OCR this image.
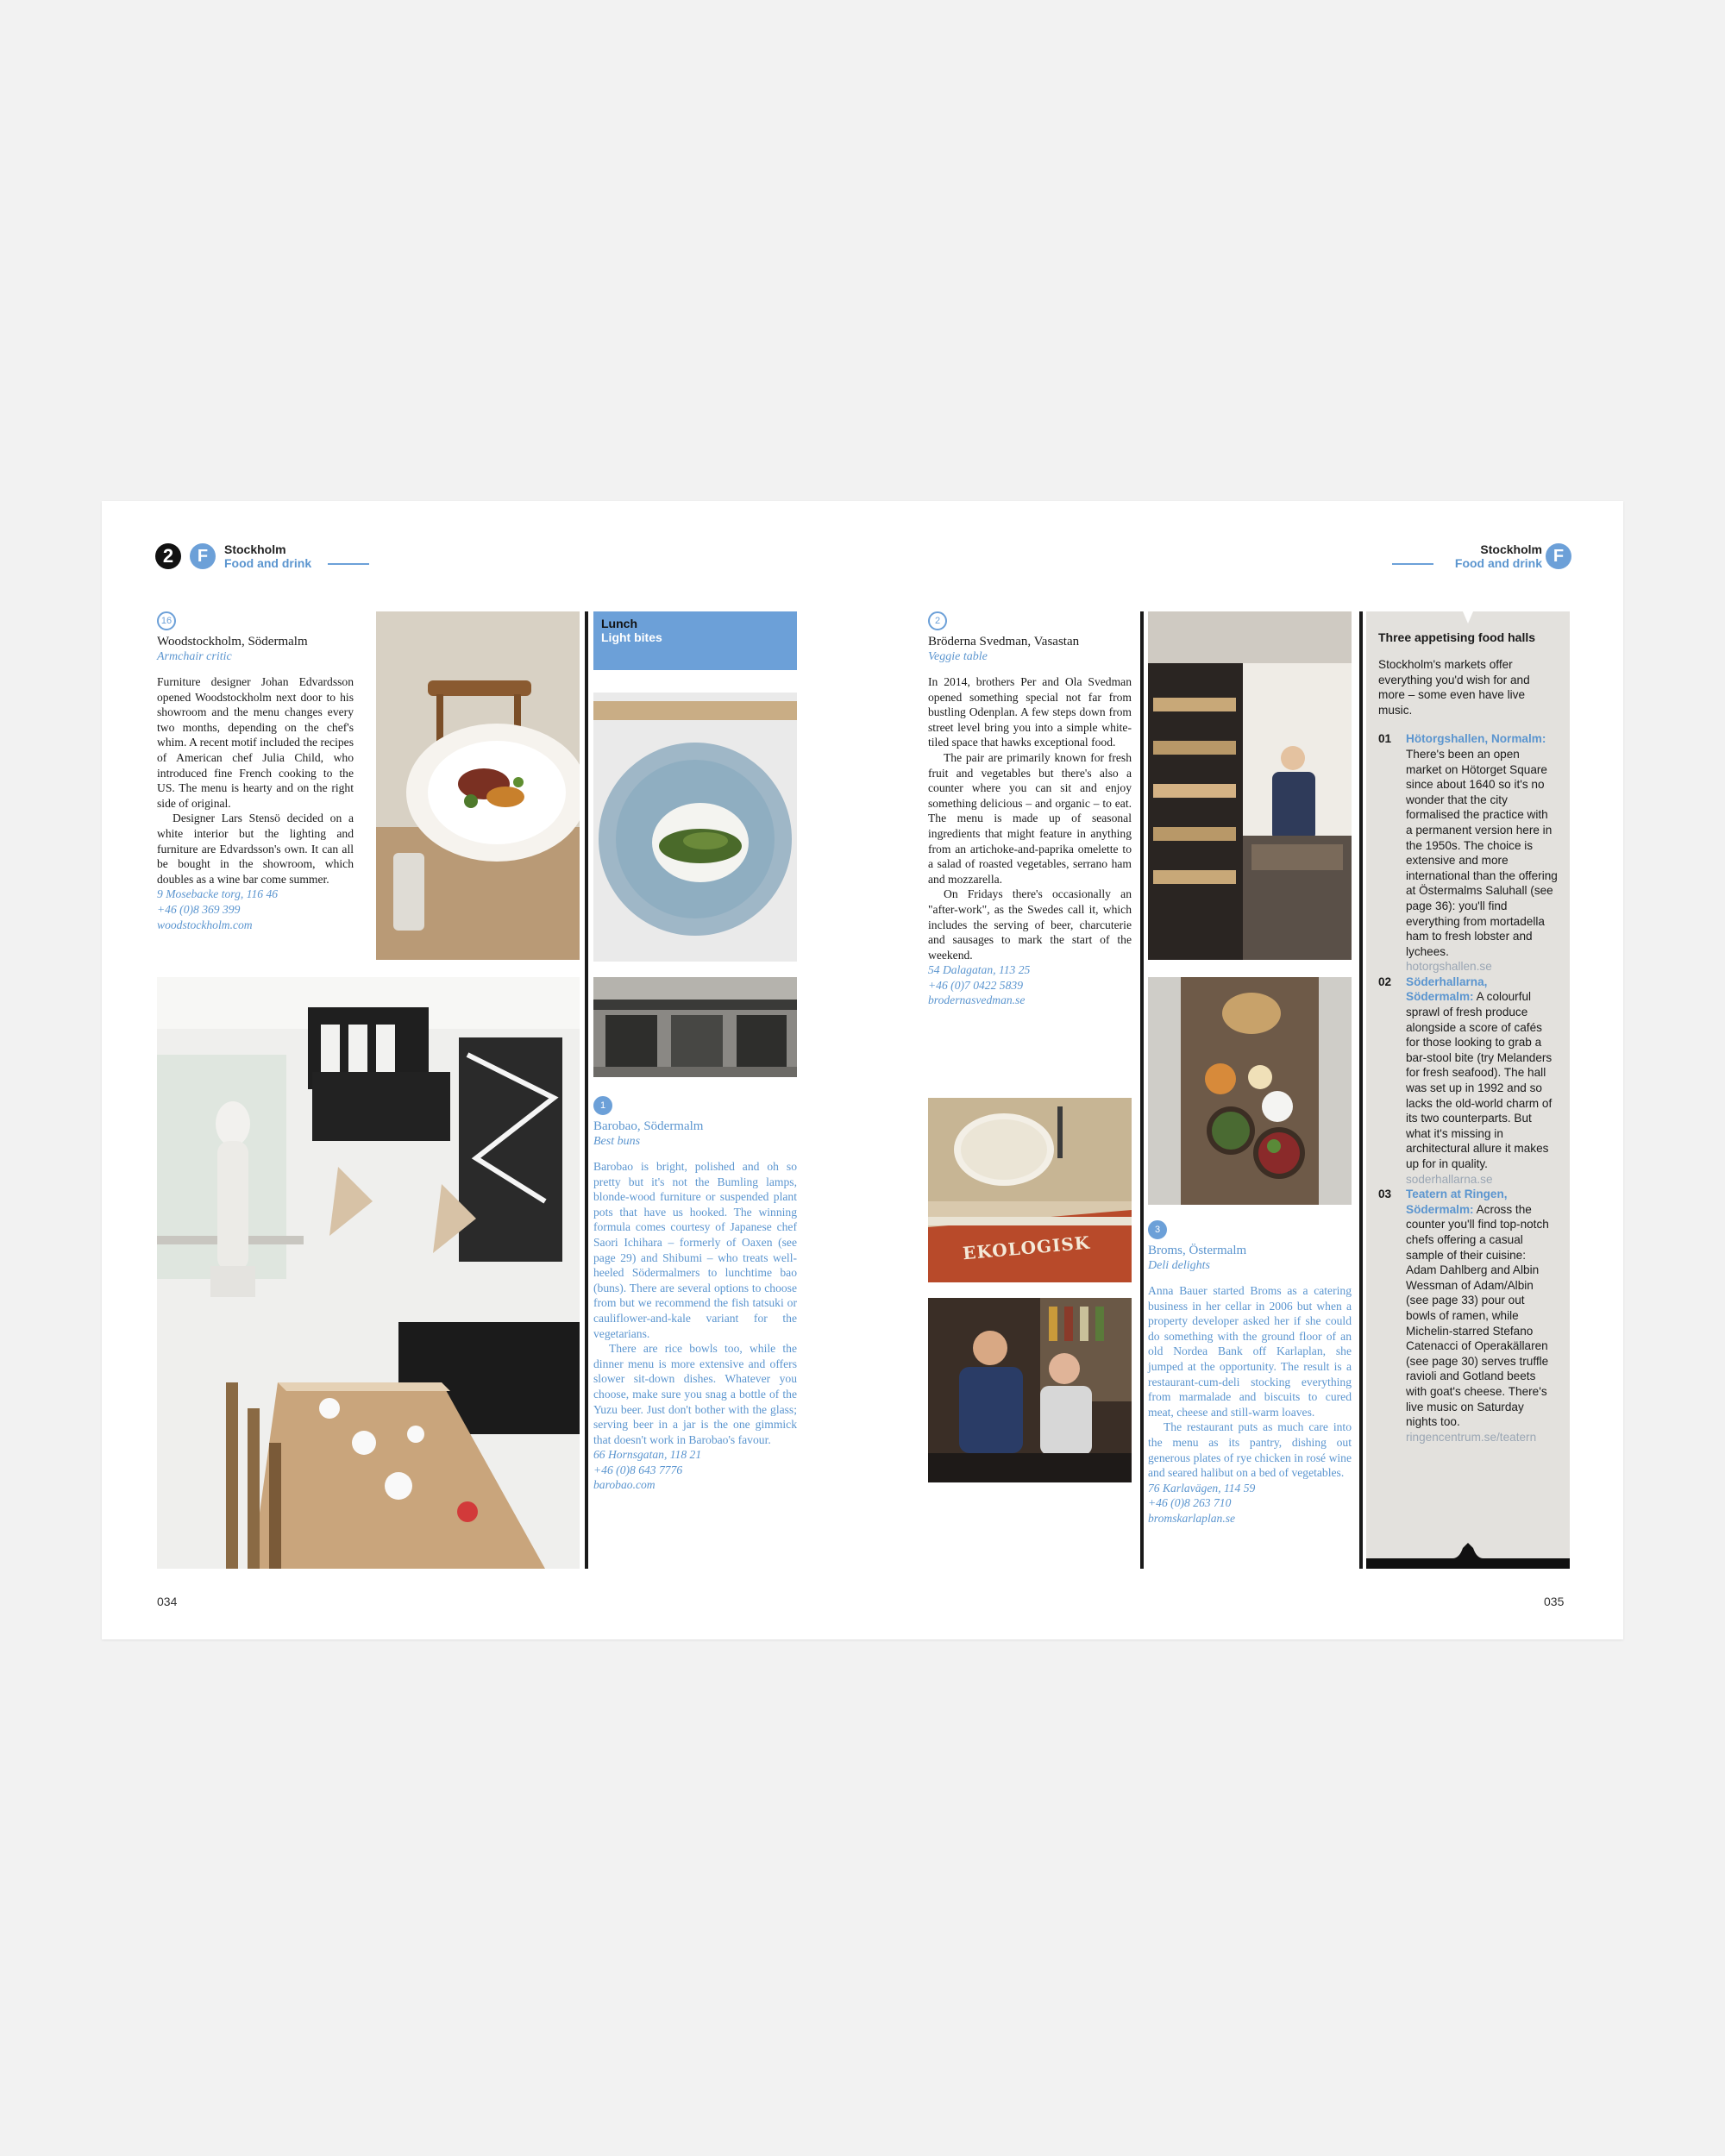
2	F	Stockholm
Food and drink
Stockholm
Food and drink F
16
Woodstockholm, Södermalm
Armchair critic

Furniture designer Johan Edvardsson opened Woodstockholm next door to his showroom and the menu changes every two months, depending on the chef's whim. A recent motif included the recipes of American chef Julia Child, who introduced fine French cooking to the US. The menu is hearty and on the right side of original.

Designer Lars Stensö decided on a white interior but the lighting and furniture are Edvardsson's own. It can all be bought in the showroom, which doubles as a wine bar come summer.

9 Mosebacke torg, 116 46
+46 (0)8 369 399
woodstockholm.com
Lunch
Light bites
1
Barobao, Södermalm
Best buns

Barobao is bright, polished and oh so pretty but it's not the Bumling lamps, blonde-wood furniture or suspended plant pots that have us hooked. The winning formula comes courtesy of Japanese chef Saori Ichihara – formerly of Oaxen (see page 29) and Shibumi – who treats well-heeled Södermalmers to lunchtime bao (buns). There are several options to choose from but we recommend the fish tatsuki or cauliflower-and-kale variant for the vegetarians.

There are rice bowls too, while the dinner menu is more extensive and offers slower sit-down dishes. Whatever you choose, make sure you snag a bottle of the Yuzu beer. Just don't bother with the glass; serving beer in a jar is the one gimmick that doesn't work in Barobao's favour.

66 Hornsgatan, 118 21
+46 (0)8 643 7776
barobao.com
2
Bröderna Svedman, Vasastan
Veggie table

In 2014, brothers Per and Ola Svedman opened something special not far from bustling Odenplan. A few steps down from street level bring you into a simple white-tiled space that hawks exceptional food.

The pair are primarily known for fresh fruit and vegetables but there's also a counter where you can sit and enjoy something delicious – and organic – to eat. The menu is made up of seasonal ingredients that might feature in anything from an artichoke-and-paprika omelette to a salad of roasted vegetables, serrano ham and mozzarella.

On Fridays there's occasionally an "after-work", as the Swedes call it, which includes the serving of beer, charcuterie and sausages to mark the start of the weekend.

54 Dalagatan, 113 25
+46 (0)7 0422 5839
brodernasvedman.se
EKOLOGISK
3
Broms, Östermalm
Deli delights

Anna Bauer started Broms as a catering business in her cellar in 2006 but when a property developer asked her if she could do something with the ground floor of an old Nordea Bank off Karlaplan, she jumped at the opportunity. The result is a restaurant-cum-deli stocking everything from marmalade and biscuits to cured meat, cheese and still-warm loaves.

The restaurant puts as much care into the menu as its pantry, dishing out generous plates of rye chicken in rosé wine and seared halibut on a bed of vegetables.

76 Karlavägen, 114 59
+46 (0)8 263 710
bromskarlaplan.se
Three appetising food halls
Stockholm's markets offer everything you'd wish for and more – some even have live music.
01	Hötorgshallen, Normalm: There's been an open market on Hötorget Square since about 1640 so it's no wonder that the city formalised the practice with a permanent version here in the 1950s. The choice is extensive and more international than the offering at Östermalms Saluhall (see page 36): you'll find everything from mortadella ham to fresh lobster and lychees.
hotorgshallen.se
02	Söderhallarna, Södermalm: A colourful sprawl of fresh produce alongside a score of cafés for those looking to grab a bar-stool bite (try Melanders for fresh seafood). The hall was set up in 1992 and so lacks the old-world charm of its two counterparts. But what it's missing in architectural allure it makes up for in quality.
soderhallarna.se
03	Teatern at Ringen, Södermalm: Across the counter you'll find top-notch chefs offering a casual sample of their cuisine: Adam Dahlberg and Albin Wessman of Adam/Albin (see page 33) pour out bowls of ramen, while Michelin-starred Stefano Catenacci of Operakällaren (see page 30) serves truffle ravioli and Gotland beets with goat's cheese. There's live music on Saturday nights too.
ringencentrum.se/teatern
034	035
